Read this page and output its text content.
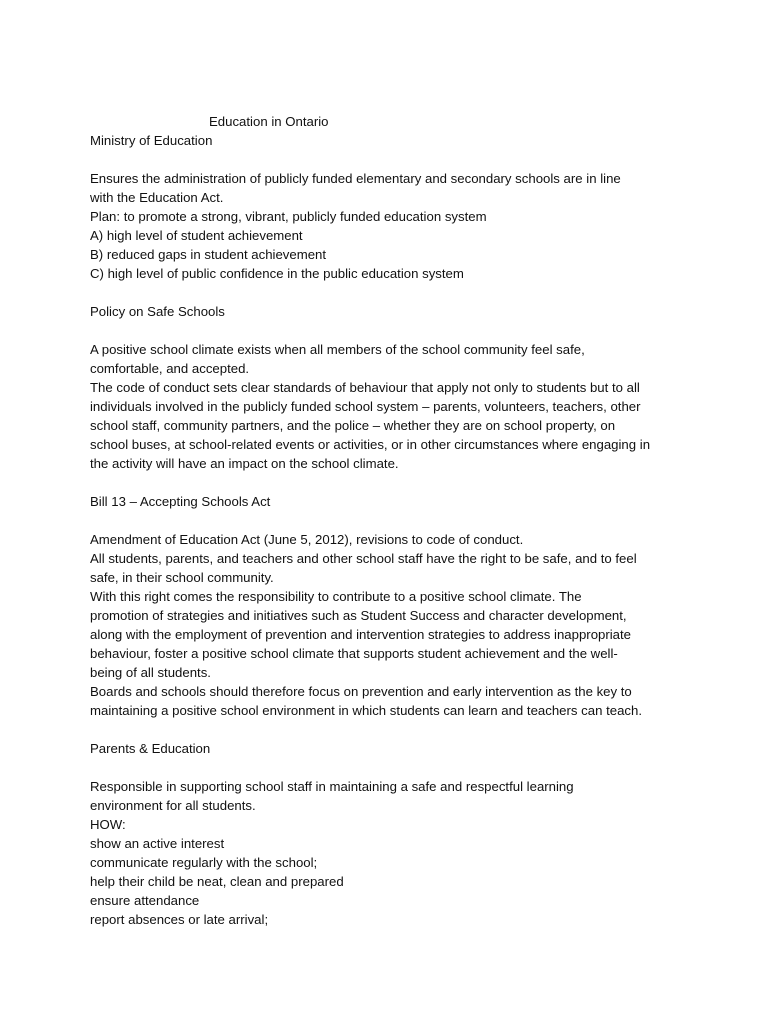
Education in Ontario

Ministry of Education

Ensures the administration of publicly funded elementary and secondary schools are in line

with the Education Act.

Plan: to promote a strong, vibrant, publicly funded education system

A) high level of student achievement

B) reduced gaps in student achievement

C) high level of public confidence in the public education system

Policy on Safe Schools

A positive school climate exists when all members of the school community feel safe,

comfortable, and accepted.

The code of conduct sets clear standards of behaviour that apply not only to students but to all

individuals involved in the publicly funded school system – parents, volunteers, teachers, other

school staff, community partners, and the police – whether they are on school property, on

school buses, at school-related events or activities, or in other circumstances where engaging in

the activity will have an impact on the school climate.

Bill 13 – Accepting Schools Act

Amendment of Education Act (June 5, 2012), revisions to code of conduct.

All students, parents, and teachers and other school staff have the right to be safe, and to feel

safe, in their school community.

With this right comes the responsibility to contribute to a positive school climate. The

promotion of strategies and initiatives such as Student Success and character development,

along with the employment of prevention and intervention strategies to address inappropriate

behaviour, foster a positive school climate that supports student achievement and the well-

being of all students.

Boards and schools should therefore focus on prevention and early intervention as the key to

maintaining a positive school environment in which students can learn and teachers can teach.

Parents & Education

Responsible in supporting school staff in maintaining a safe and respectful learning

environment for all students.

HOW:

show an active interest

communicate regularly with the school;

help their child be neat, clean and prepared

ensure attendance

report absences or late arrival;
